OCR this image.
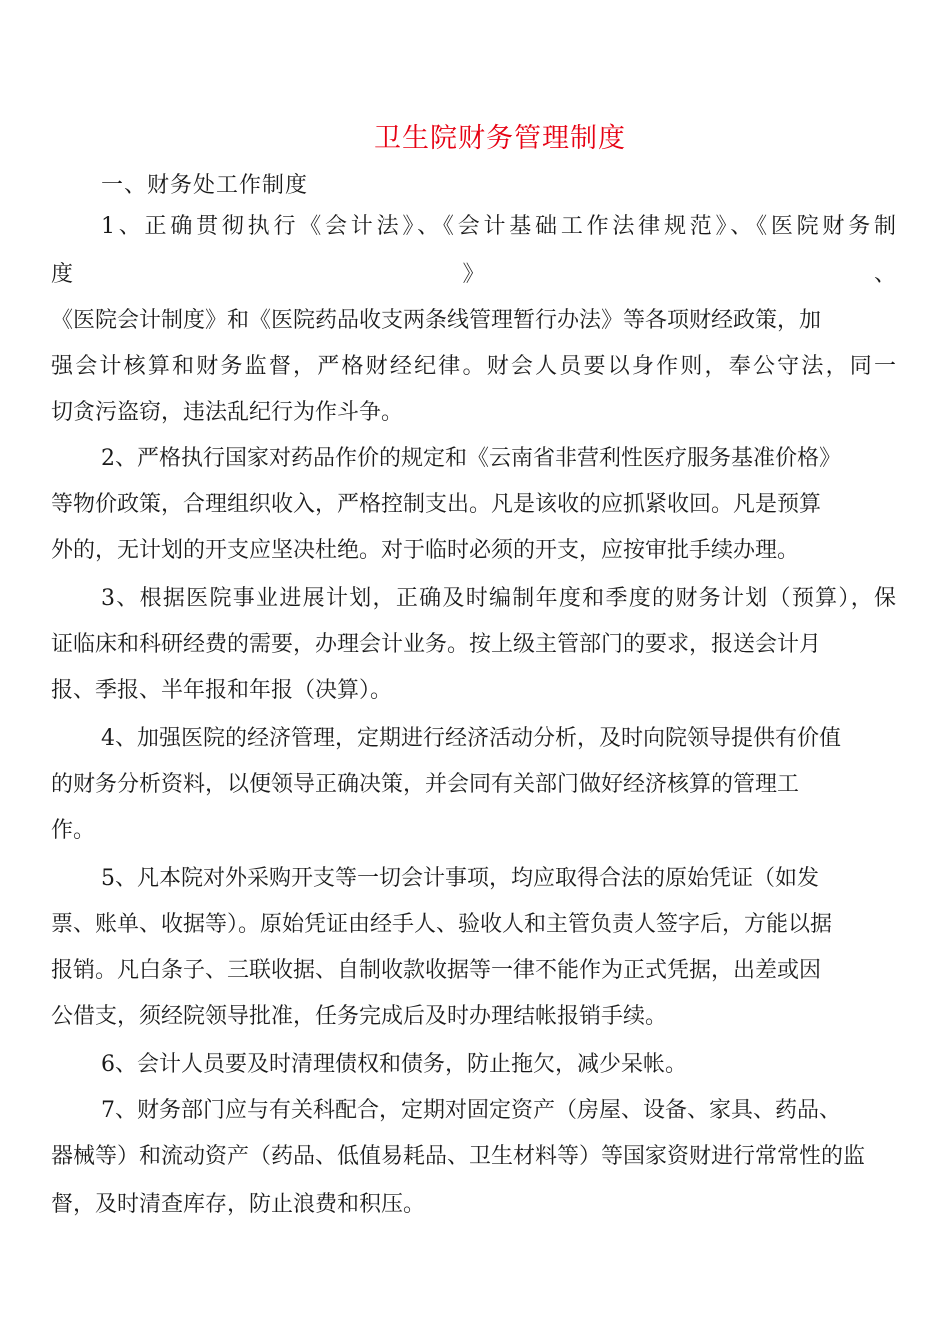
卫生院财务管理制度
一、财务处工作制度
1、正确贯彻执行《会计法》、《会计基础工作法律规范》、《医院财务制
度 》 、
《医院会计制度》和《医院药品收支两条线管理暂行办法》等各项财经政策，加
强会计核算和财务监督，严格财经纪律。财会人员要以身作则，奉公守法，同一
切贪污盗窃，违法乱纪行为作斗争。
2、严格执行国家对药品作价的规定和《云南省非营利性医疗服务基准价格》
等物价政策，合理组织收入，严格控制支出。凡是该收的应抓紧收回。凡是预算
外的，无计划的开支应坚决杜绝。对于临时必须的开支，应按审批手续办理。
3、根据医院事业进展计划，正确及时编制年度和季度的财务计划（预算），保
证临床和科研经费的需要，办理会计业务。按上级主管部门的要求，报送会计月
报、季报、半年报和年报（决算）。
4、加强医院的经济管理，定期进行经济活动分析，及时向院领导提供有价值
的财务分析资料，以便领导正确决策，并会同有关部门做好经济核算的管理工
作。
5、凡本院对外采购开支等一切会计事项，均应取得合法的原始凭证（如发
票、账单、收据等）。原始凭证由经手人、验收人和主管负责人签字后，方能以据
报销。凡白条子、三联收据、自制收款收据等一律不能作为正式凭据，出差或因
公借支，须经院领导批准，任务完成后及时办理结帐报销手续。
6、会计人员要及时清理债权和债务，防止拖欠，减少呆帐。
7、财务部门应与有关科配合，定期对固定资产（房屋、设备、家具、药品、
器械等）和流动资产（药品、低值易耗品、卫生材料等）等国家资财进行常常性的监
督，及时清查库存，防止浪费和积压。
